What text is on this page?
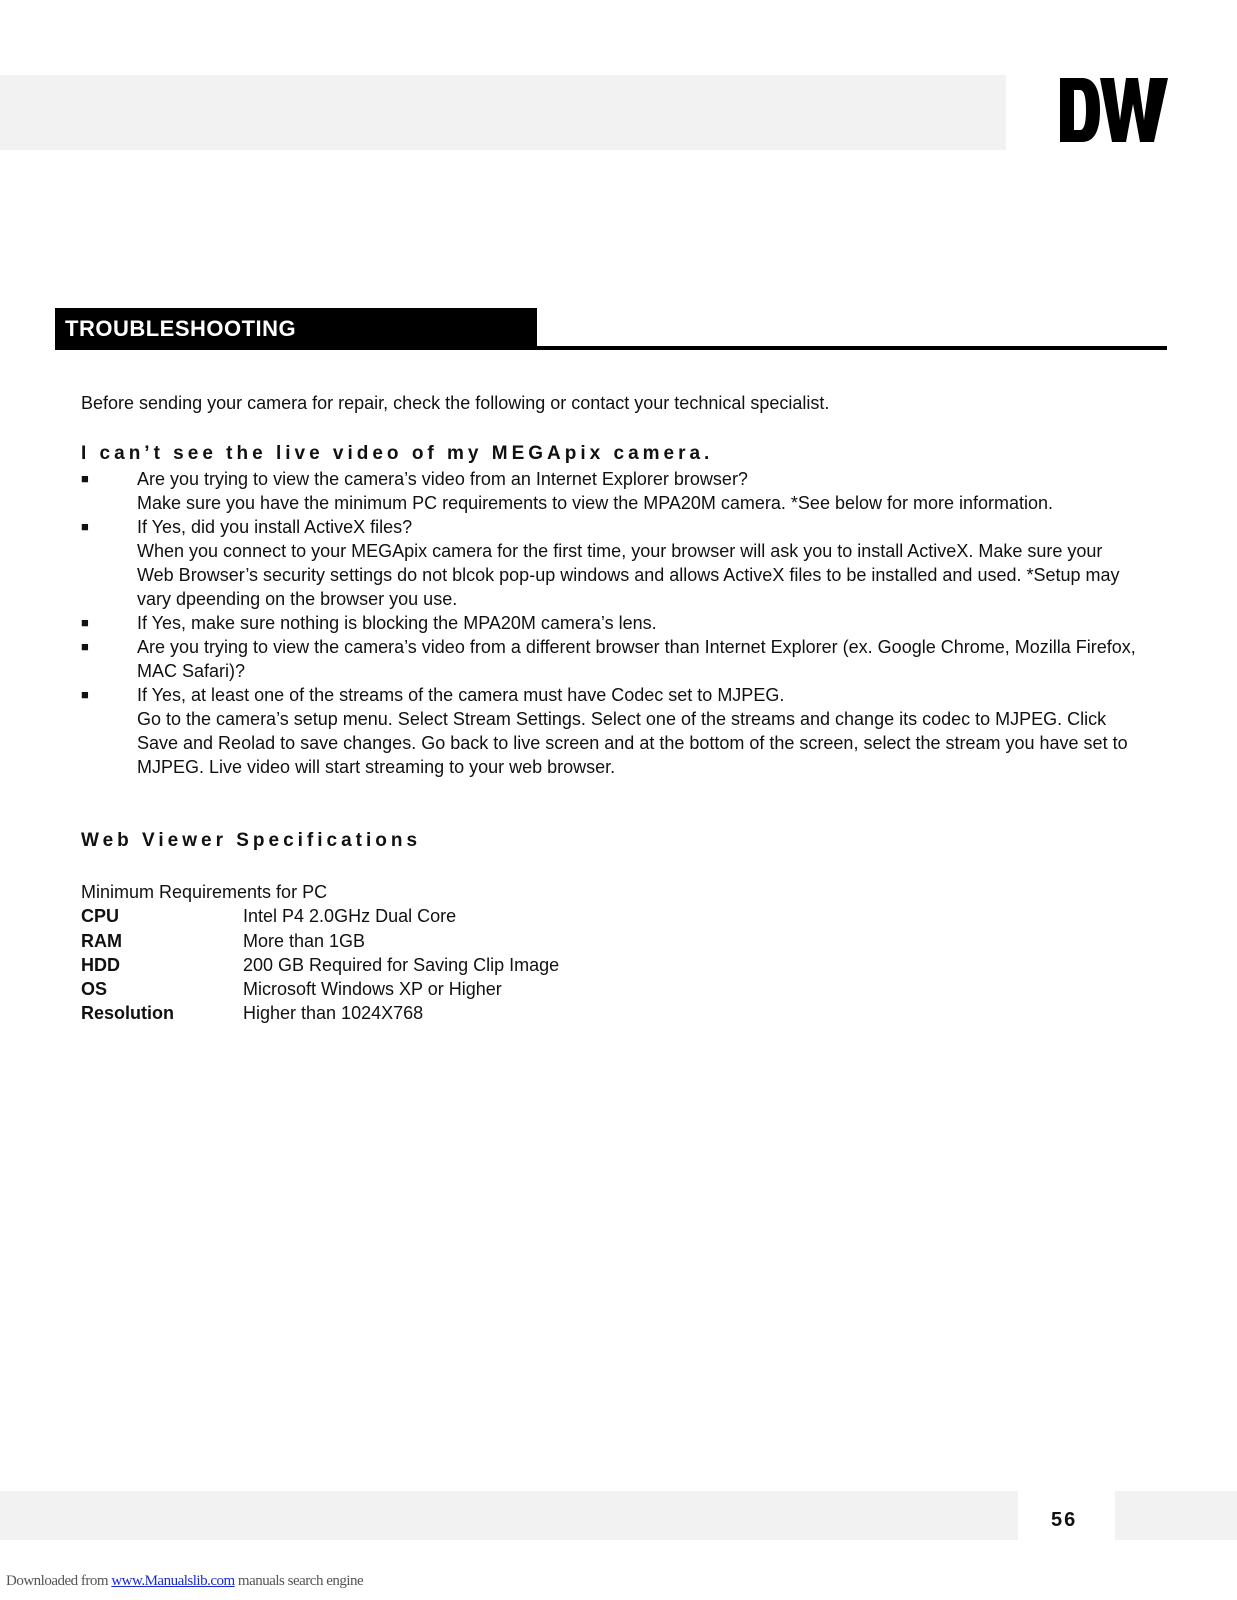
TROUBLESHOOTING
Before sending your camera for repair, check the following or contact your technical specialist.
I can’t see the live video of my MEGApix camera.
■	Are you trying to view the camera’s video from an Internet Explorer browser?
Make sure you have the minimum PC requirements to view the MPA20M camera. *See below for more information.
■	If Yes, did you install ActiveX files?
When you connect to your MEGApix camera for the first time, your browser will ask you to install ActiveX. Make sure your Web Browser’s security settings do not blcok pop-up windows and allows ActiveX files to be installed and used. *Setup may vary dpeending on the browser you use.
■	If Yes, make sure nothing is blocking the MPA20M camera’s lens.
■	Are you trying to view the camera’s video from a different browser than Internet Explorer (ex. Google Chrome, Mozilla Firefox, MAC Safari)?
■	If Yes, at least one of the streams of the camera must have Codec set to MJPEG.
Go to the camera’s setup menu. Select Stream Settings. Select one of the streams and change its codec to MJPEG. Click Save and Reolad to save changes. Go back to live screen and at the bottom of the screen, select the stream you have set to MJPEG. Live video will start streaming to your web browser.
Web Viewer Specifications
Minimum Requirements for PC
CPU	Intel P4 2.0GHz Dual Core
RAM	More than 1GB
HDD	200 GB Required for Saving Clip Image
OS	Microsoft Windows XP or Higher
Resolution	Higher than 1024X768
56
Downloaded from www.Manualslib.com manuals search engine
